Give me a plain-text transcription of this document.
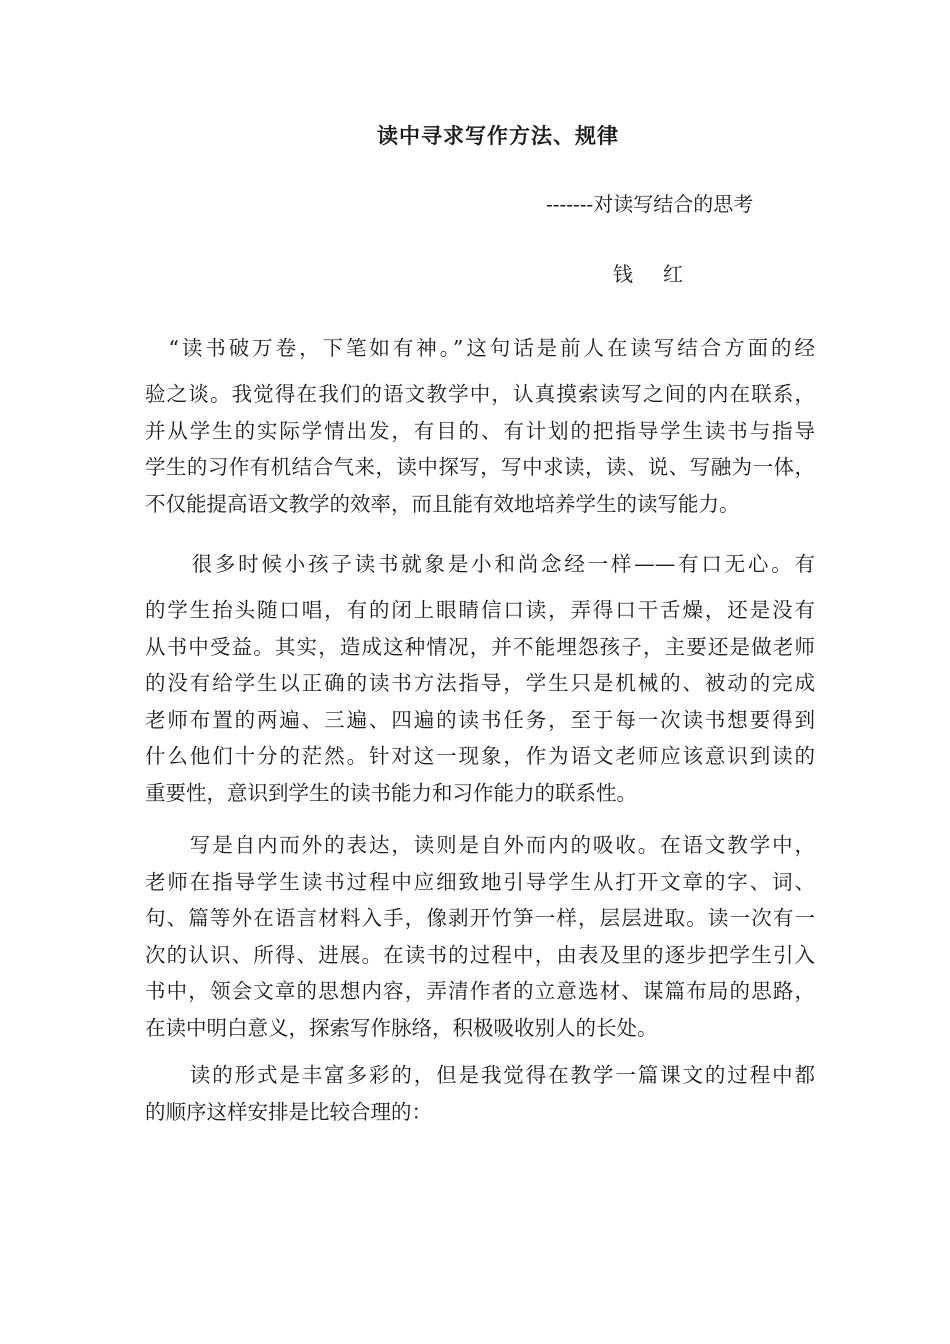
读中寻求写作方法、规律
-------对读写结合的思考
钱 红
　“读书破万卷，下笔如有神。”这句话是前人在读写结合方面的经
验之谈。我觉得在我们的语文教学中，认真摸索读写之间的内在联系，
并从学生的实际学情出发，有目的、有计划的把指导学生读书与指导
学生的习作有机结合气来，读中探写，写中求读，读、说、写融为一体，
不仅能提高语文教学的效率，而且能有效地培养学生的读写能力。
　　很多时候小孩子读书就象是小和尚念经一样——有口无心。有
的学生抬头随口唱，有的闭上眼睛信口读，弄得口干舌燥，还是没有
从书中受益。其实，造成这种情况，并不能埋怨孩子，主要还是做老师
的没有给学生以正确的读书方法指导，学生只是机械的、被动的完成
老师布置的两遍、三遍、四遍的读书任务，至于每一次读书想要得到
什么他们十分的茫然。针对这一现象，作为语文老师应该意识到读的
重要性，意识到学生的读书能力和习作能力的联系性。
　　写是自内而外的表达，读则是自外而内的吸收。在语文教学中，
老师在指导学生读书过程中应细致地引导学生从打开文章的字、词、
句、篇等外在语言材料入手，像剥开竹笋一样，层层进取。读一次有一
次的认识、所得、进展。在读书的过程中，由表及里的逐步把学生引入
书中，领会文章的思想内容，弄清作者的立意选材、谋篇布局的思路，
在读中明白意义，探索写作脉络，积极吸收别人的长处。
　　读的形式是丰富多彩的，但是我觉得在教学一篇课文的过程中都
的顺序这样安排是比较合理的：
